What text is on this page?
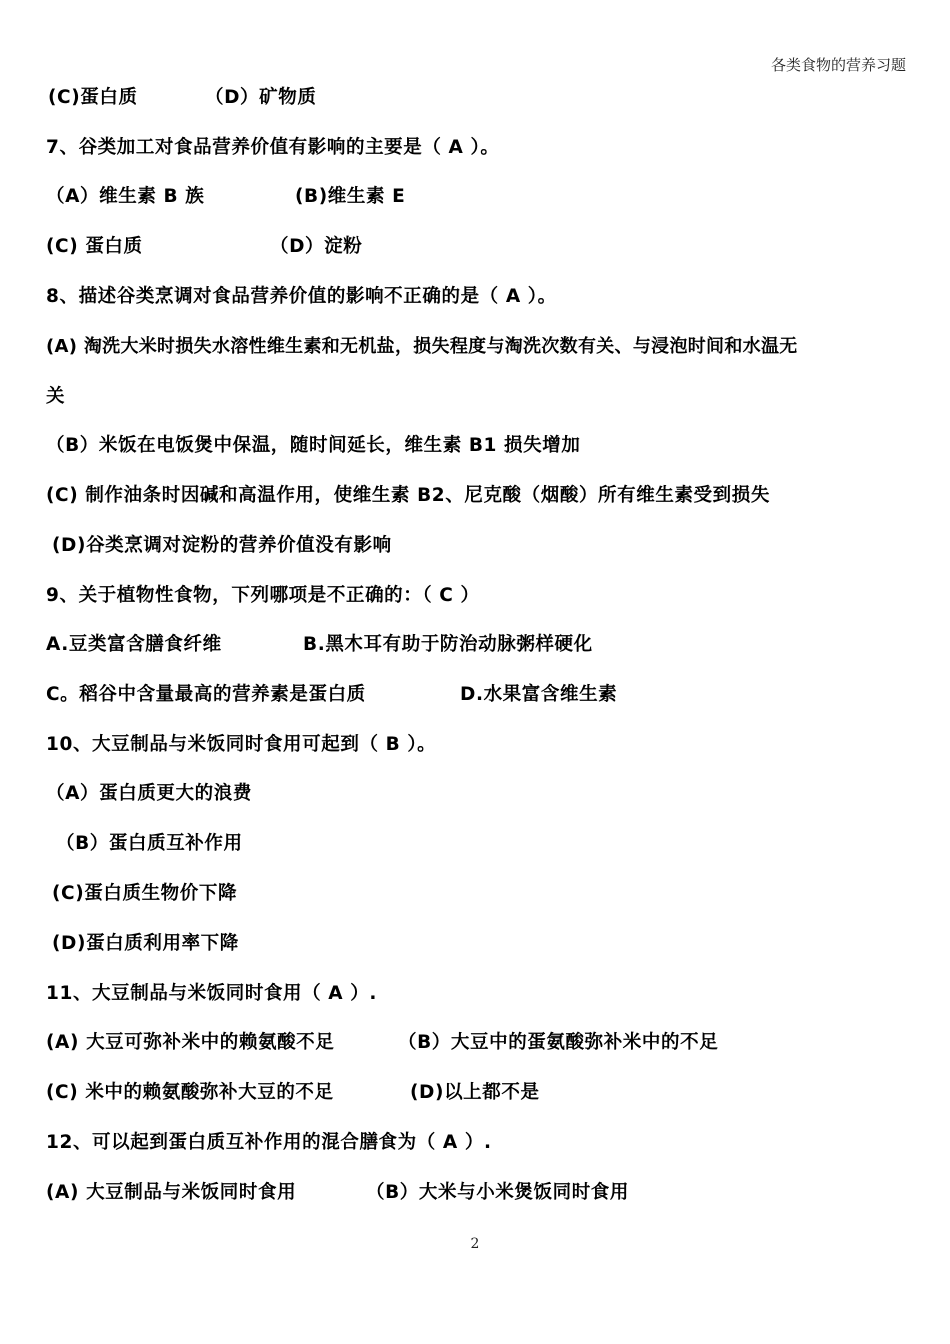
各类食物的营养习题
(C)蛋白质	（D）矿物质
7、谷类加工对食品营养价值有影响的主要是（ A ）。
（A）维生素 B 族	(B)维生素 E
(C) 蛋白质	（D）淀粉
8、描述谷类烹调对食品营养价值的影响不正确的是（ A ）。
(A) 淘洗大米时损失水溶性维生素和无机盐，损失程度与淘洗次数有关、与浸泡时间和水温无
关
（B）米饭在电饭煲中保温，随时间延长，维生素 B1 损失增加
(C) 制作油条时因碱和高温作用，使维生素 B2、尼克酸（烟酸）所有维生素受到损失
(D)谷类烹调对淀粉的营养价值没有影响
9、关于植物性食物，下列哪项是不正确的：（ C ）
A.豆类富含膳食纤维	B.黑木耳有助于防治动脉粥样硬化
C。稻谷中含量最高的营养素是蛋白质	D.水果富含维生素
10、大豆制品与米饭同时食用可起到（ B ）。
（A）蛋白质更大的浪费
（B）蛋白质互补作用
(C)蛋白质生物价下降
(D)蛋白质利用率下降
11、大豆制品与米饭同时食用（ A ）.
(A) 大豆可弥补米中的赖氨酸不足	（B）大豆中的蛋氨酸弥补米中的不足
(C) 米中的赖氨酸弥补大豆的不足	(D)以上都不是
12、可以起到蛋白质互补作用的混合膳食为（ A ）.
(A) 大豆制品与米饭同时食用	（B）大米与小米煲饭同时食用
2
